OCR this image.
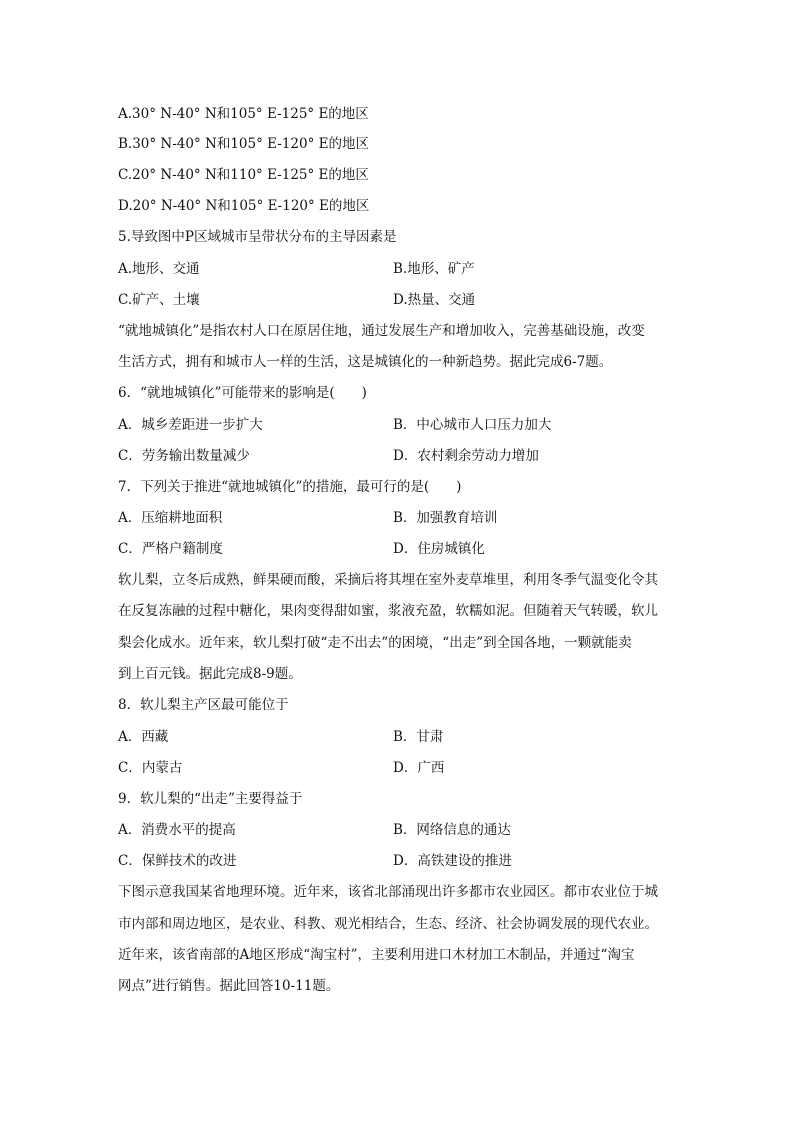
A.30° N-40° N和105° E-125° E的地区
B.30° N-40° N和105° E-120° E的地区
C.20° N-40° N和110° E-125° E的地区
D.20° N-40° N和105° E-120° E的地区
5.导致图中P区域城市呈带状分布的主导因素是
A.地形、交通	B.地形、矿产
C.矿产、土壤	D.热量、交通
“就地城镇化”是指农村人口在原居住地，通过发展生产和增加收入，完善基础设施，改变
生活方式，拥有和城市人一样的生活，这是城镇化的一种新趋势。据此完成6-7题。
6．“就地城镇化”可能带来的影响是(　　)
A．城乡差距进一步扩大	B．中心城市人口压力加大
C．劳务输出数量减少	D．农村剩余劳动力增加
7．下列关于推进“就地城镇化”的措施，最可行的是(　　)
A．压缩耕地面积	B．加强教育培训
C．严格户籍制度	D．住房城镇化
软儿梨，立冬后成熟，鲜果硬而酸，采摘后将其埋在室外麦草堆里，利用冬季气温变化令其
在反复冻融的过程中糖化，果肉变得甜如蜜，浆液充盈，软糯如泥。但随着天气转暖，软儿
梨会化成水。近年来，软儿梨打破“走不出去”的困境，“出走”到全国各地，一颗就能卖
到上百元钱。据此完成8-9题。
8．软儿梨主产区最可能位于
A．西藏	B．甘肃
C．内蒙古	D．广西
9．软儿梨的“出走”主要得益于
A．消费水平的提高	B．网络信息的通达
C．保鲜技术的改进	D．高铁建设的推进
下图示意我国某省地理环境。近年来，该省北部涌现出许多都市农业园区。都市农业位于城
市内部和周边地区，是农业、科教、观光相结合，生态、经济、社会协调发展的现代农业。
近年来，该省南部的A地区形成“淘宝村”，主要利用进口木材加工木制品，并通过“淘宝
网点”进行销售。据此回答10-11题。
